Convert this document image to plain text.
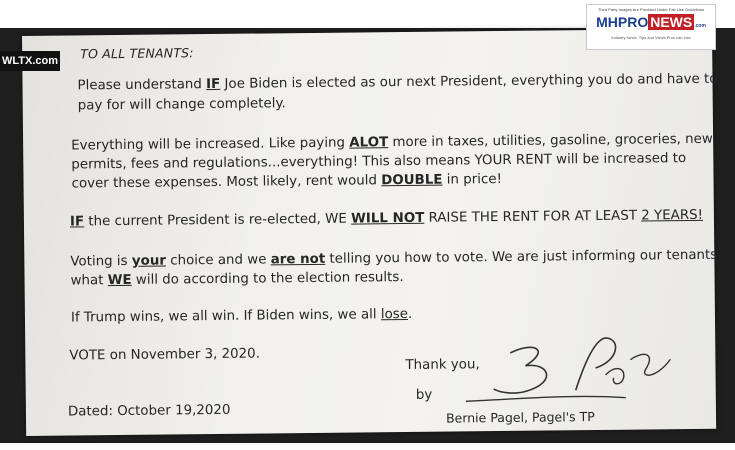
TO ALL TENANTS:
Please understand IF Joe Biden is elected as our next President, everything you do and have to
pay for will change completely.
Everything will be increased. Like paying ALOT more in taxes, utilities, gasoline, groceries, new
permits, fees and regulations...everything! This also means YOUR RENT will be increased to
cover these expenses. Most likely, rent would DOUBLE in price!
IF the current President is re-elected, WE WILL NOT RAISE THE RENT FOR AT LEAST 2 YEARS!
Voting is your choice and we are not telling you how to vote. We are just informing our tenants
what WE will do according to the election results.
If Trump wins, we all win. If Biden wins, we all lose.
VOTE on November 3, 2020.
Dated: October 19,2020
Thank you,
by
Bernie Pagel, Pagel's TP
WLTX.com
Third Party Images Are Provided Under Fair Use Guidelines
MHPRO NEWS .com
Industry News, Tips and Views Pros can Use
